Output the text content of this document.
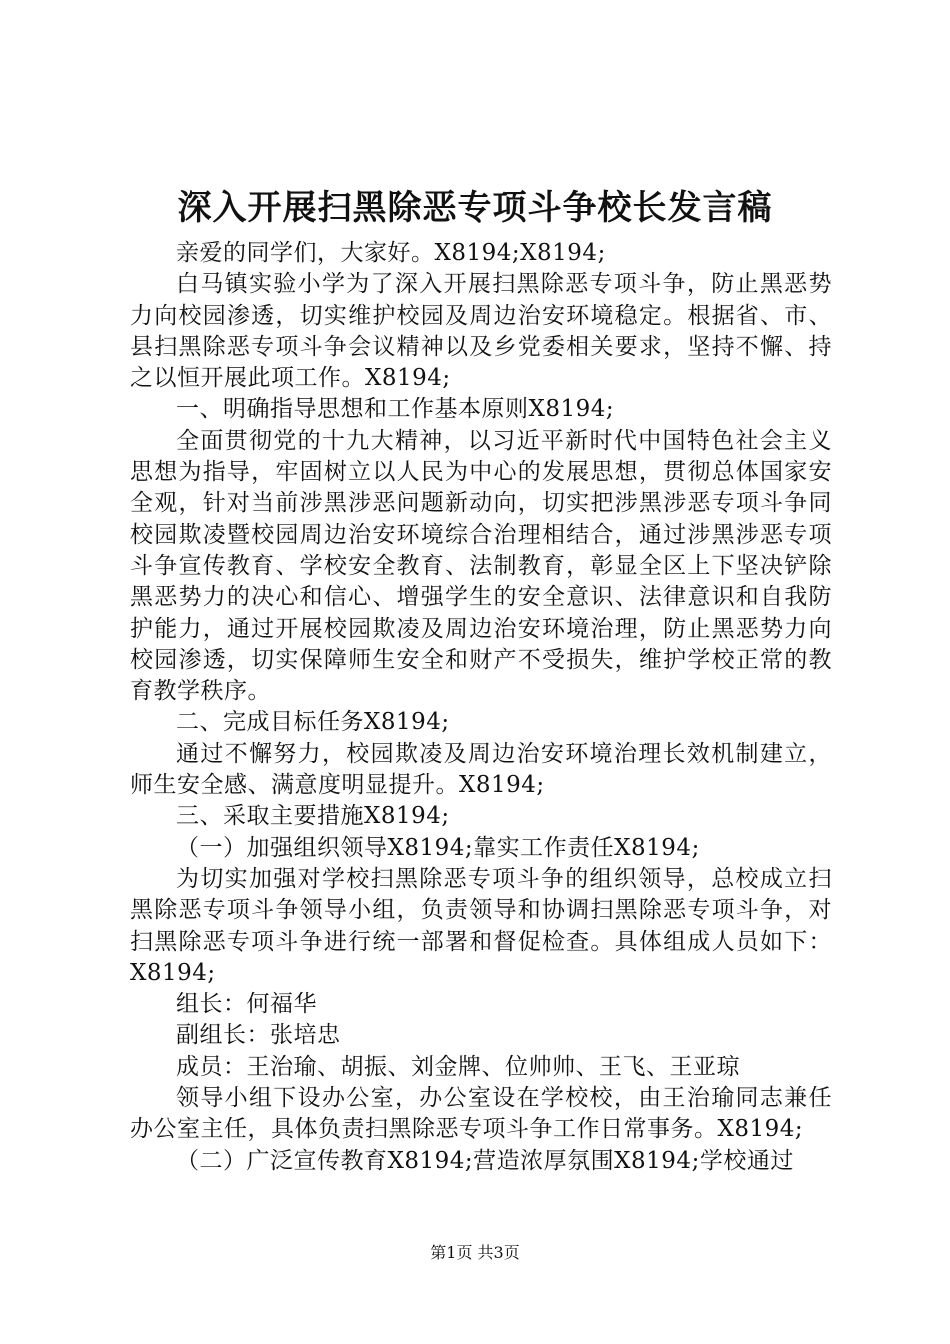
深入开展扫黑除恶专项斗争校长发言稿

亲爱的同学们，大家好。X8194;X8194;

白马镇实验小学为了深入开展扫黑除恶专项斗争，防止黑恶势力向校园渗透，切实维护校园及周边治安环境稳定。根据省、市、县扫黑除恶专项斗争会议精神以及乡党委相关要求，坚持不懈、持之以恒开展此项工作。X8194;

一、明确指导思想和工作基本原则X8194;

全面贯彻党的十九大精神，以习近平新时代中国特色社会主义思想为指导，牢固树立以人民为中心的发展思想，贯彻总体国家安全观，针对当前涉黑涉恶问题新动向，切实把涉黑涉恶专项斗争同校园欺凌暨校园周边治安环境综合治理相结合，通过涉黑涉恶专项斗争宣传教育、学校安全教育、法制教育，彰显全区上下坚决铲除黑恶势力的决心和信心、增强学生的安全意识、法律意识和自我防护能力，通过开展校园欺凌及周边治安环境治理，防止黑恶势力向校园渗透，切实保障师生安全和财产不受损失，维护学校正常的教育教学秩序。

二、完成目标任务X8194;

通过不懈努力，校园欺凌及周边治安环境治理长效机制建立，师生安全感、满意度明显提升。X8194;

三、采取主要措施X8194;

（一）加强组织领导X8194;靠实工作责任X8194;

为切实加强对学校扫黑除恶专项斗争的组织领导，总校成立扫黑除恶专项斗争领导小组，负责领导和协调扫黑除恶专项斗争，对扫黑除恶专项斗争进行统一部署和督促检查。具体组成人员如下：X8194;

组长：何福华

副组长：张培忠

成员：王治瑜、胡振、刘金牌、位帅帅、王飞、王亚琼

领导小组下设办公室，办公室设在学校校，由王治瑜同志兼任办公室主任，具体负责扫黑除恶专项斗争工作日常事务。X8194;

（二）广泛宣传教育X8194;营造浓厚氛围X8194;学校通过

第1页 共3页
